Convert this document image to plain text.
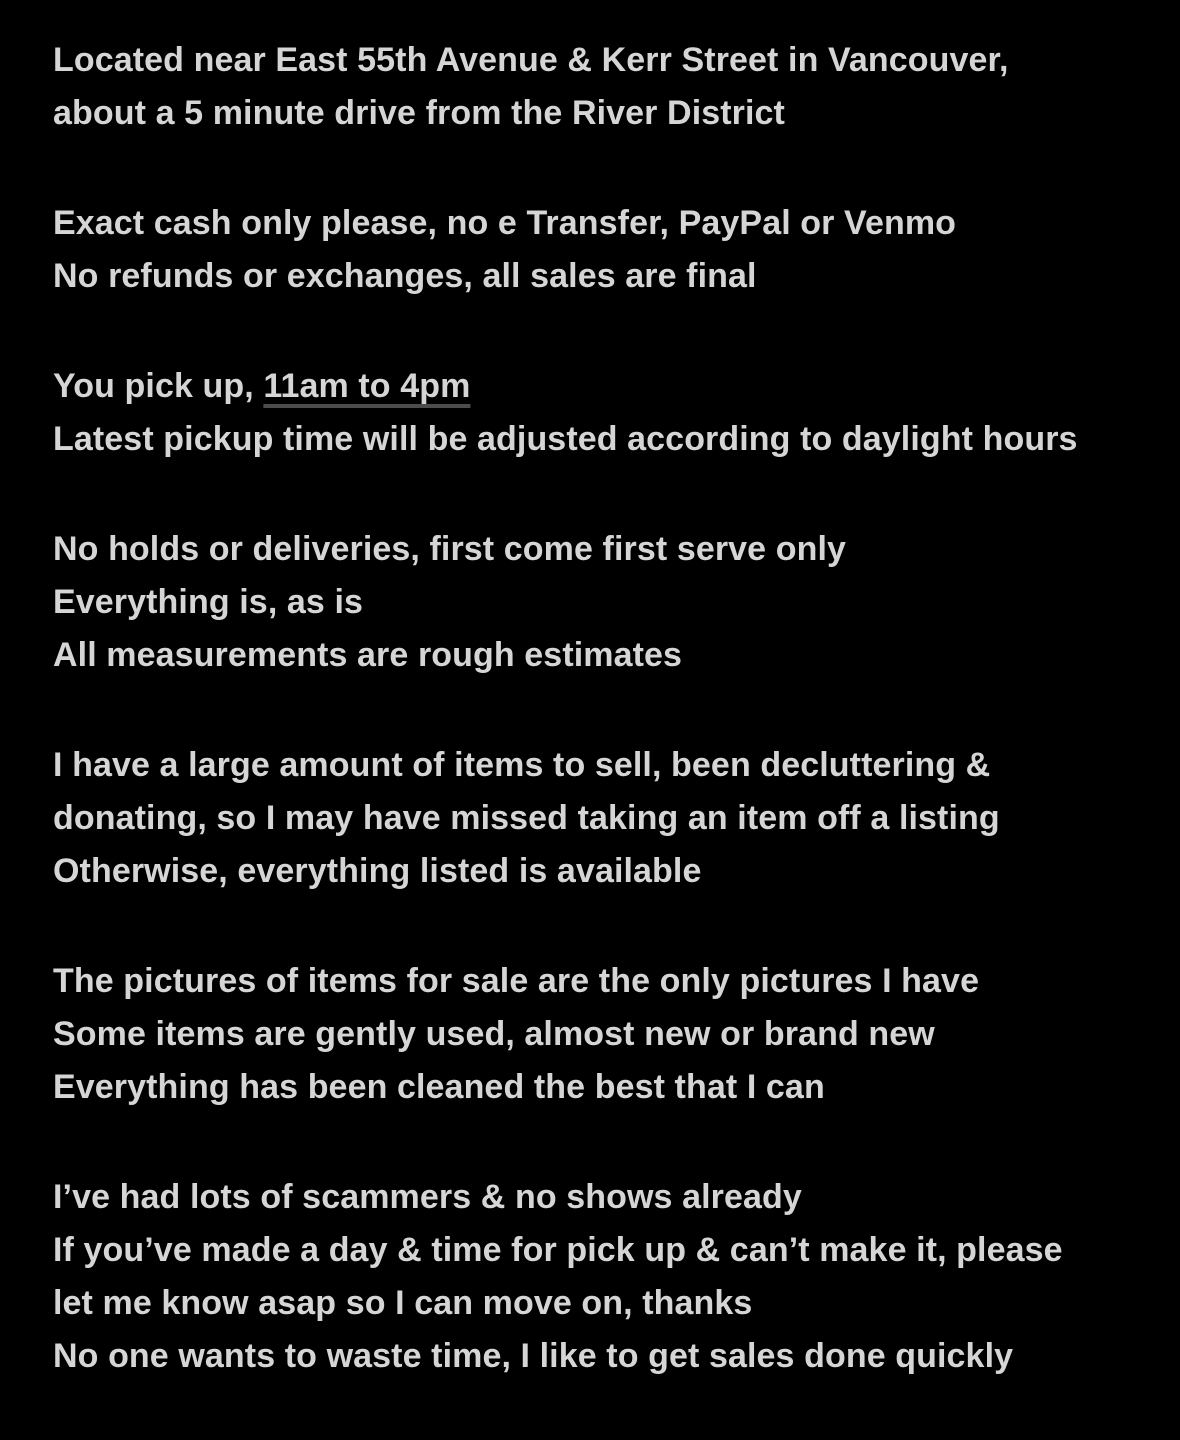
Located near East 55th Avenue & Kerr Street in Vancouver,
about a 5 minute drive from the River District

Exact cash only please, no e Transfer, PayPal or Venmo
No refunds or exchanges, all sales are final

You pick up, 11am to 4pm
Latest pickup time will be adjusted according to daylight hours

No holds or deliveries, first come first serve only
Everything is, as is
All measurements are rough estimates

I have a large amount of items to sell, been decluttering &
donating, so I may have missed taking an item off a listing
Otherwise, everything listed is available

The pictures of items for sale are the only pictures I have
Some items are gently used, almost new or brand new
Everything has been cleaned the best that I can

I’ve had lots of scammers & no shows already
If you’ve made a day & time for pick up & can’t make it, please
let me know asap so I can move on, thanks
No one wants to waste time, I like to get sales done quickly
